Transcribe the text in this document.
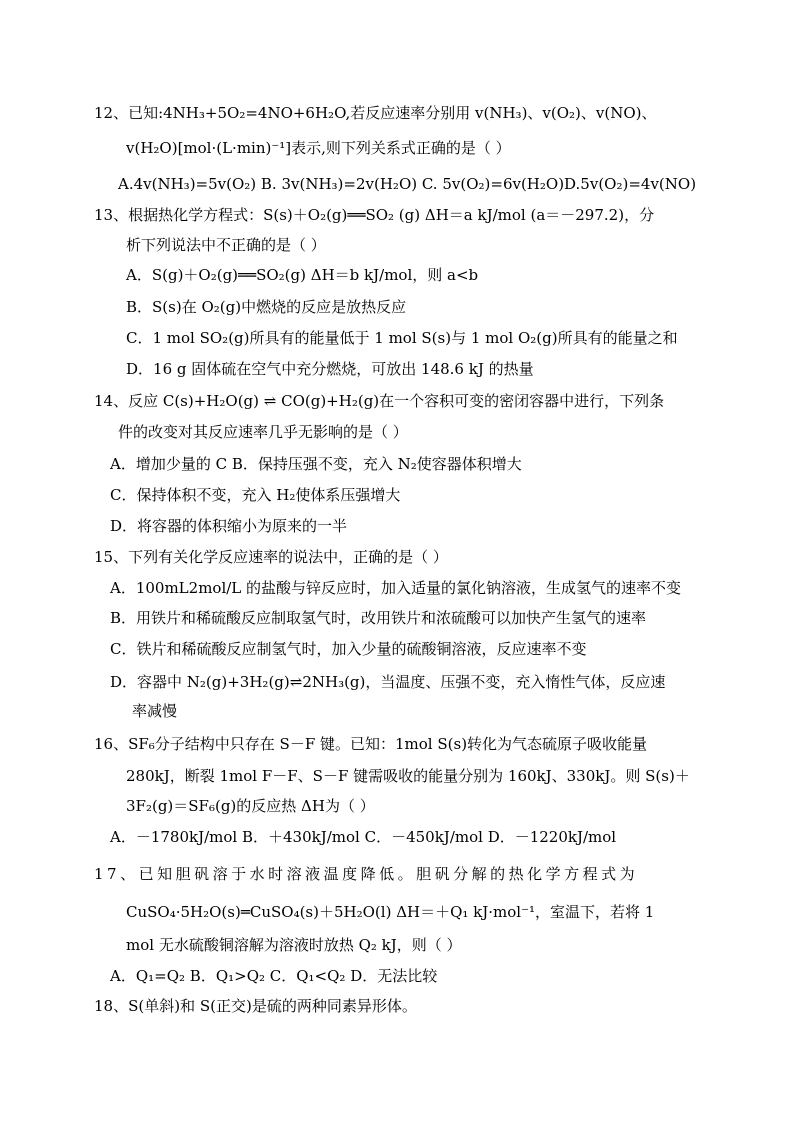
12、已知:4NH₃+5O₂=4NO+6H₂O,若反应速率分别用 v(NH₃)、v(O₂)、v(NO)、
v(H₂O)[mol·(L·min)⁻¹]表示,则下列关系式正确的是（ ）
A.4v(NH₃)=5v(O₂) B. 3v(NH₃)=2v(H₂O) C. 5v(O₂)=6v(H₂O)D.5v(O₂)=4v(NO)
13、根据热化学方程式：S(s)＋O₂(g)══SO₂ (g) ΔH＝a kJ/mol (a＝－297.2)，分
析下列说法中不正确的是（ ）
A．S(g)＋O₂(g)══SO₂(g) ΔH＝b kJ/mol，则 a<b
B．S(s)在 O₂(g)中燃烧的反应是放热反应
C．1 mol SO₂(g)所具有的能量低于 1 mol S(s)与 1 mol O₂(g)所具有的能量之和
D．16 g 固体硫在空气中充分燃烧，可放出 148.6 kJ 的热量
14、反应 C(s)+H₂O(g) ⇌ CO(g)+H₂(g)在一个容积可变的密闭容器中进行，下列条
件的改变对其反应速率几乎无影响的是（ ）
A．增加少量的 C B．保持压强不变，充入 N₂使容器体积增大
C．保持体积不变，充入 H₂使体系压强增大
D．将容器的体积缩小为原来的一半
15、下列有关化学反应速率的说法中，正确的是（ ）
A．100mL2mol/L 的盐酸与锌反应时，加入适量的氯化钠溶液，生成氢气的速率不变
B．用铁片和稀硫酸反应制取氢气时，改用铁片和浓硫酸可以加快产生氢气的速率
C．铁片和稀硫酸反应制氢气时，加入少量的硫酸铜溶液，反应速率不变
D．容器中 N₂(g)+3H₂(g)⇌2NH₃(g)，当温度、压强不变，充入惰性气体，反应速
率减慢
16、SF₆分子结构中只存在 S－F 键。已知：1mol S(s)转化为气态硫原子吸收能量
280kJ，断裂 1mol F－F、S－F 键需吸收的能量分别为 160kJ、330kJ。则 S(s)＋
3F₂(g)＝SF₆(g)的反应热 ΔH为（ ）
A．－1780kJ/mol B．＋430kJ/mol C．－450kJ/mol D．－1220kJ/mol
17、已知胆矾溶于水时溶液温度降低。胆矾分解的热化学方程式为
CuSO₄·5H₂O(s)═CuSO₄(s)＋5H₂O(l) ΔH＝＋Q₁ kJ·mol⁻¹，室温下，若将 1
mol 无水硫酸铜溶解为溶液时放热 Q₂ kJ，则（ ）
A．Q₁=Q₂ B．Q₁>Q₂ C．Q₁<Q₂ D．无法比较
18、S(单斜)和 S(正交)是硫的两种同素异形体。
